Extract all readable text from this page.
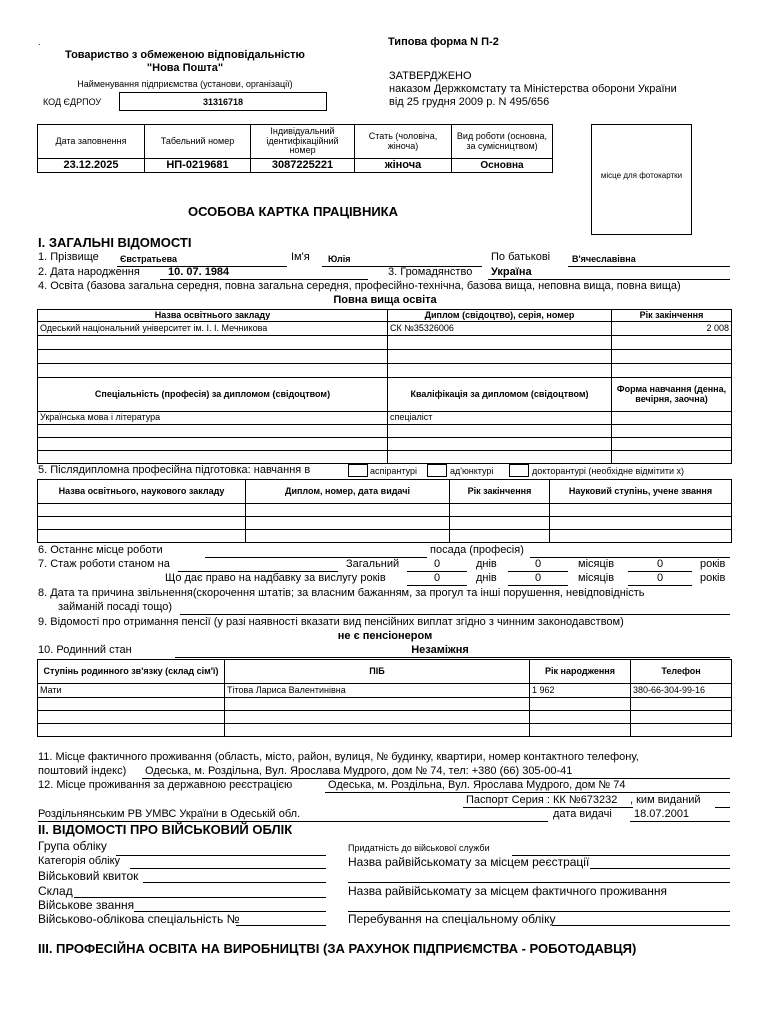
.
Товариство з обмеженою відповідальністю
"Нова Пошта"
Найменування підприємства (установи, організації)
КОД ЄДРПОУ	31316718
Типова форма N П-2
ЗАТВЕРДЖЕНО
наказом Держкомстату та Міністерства оборони України
від 25 грудня 2009 р. N 495/656
Дата заповнення	Табельний номер	Індивідуальний ідентифікаційний номер	Стать (чоловіча, жіноча)	Вид роботи (основна, за сумісництвом)
23.12.2025	НП-0219681	3087225221	жіноча	Основна
місце для фотокартки
ОСОБОВА КАРТКА ПРАЦІВНИКА
І. ЗАГАЛЬНІ ВІДОМОСТІ
1. Прізвище Євстратьева	Ім'я Юлія	По батькові В'ячеславівна
2. Дата народження	10. 07. 1984	3. Громадянство Україна
4. Освіта (базова загальна середня, повна загальна середня, професійно-технічна, базова вища, неповна вища, повна вища)
Повна вища освіта
Назва освітнього закладу	Диплом (свідоцтво), серія, номер	Рік закінчення
Одеський національний університет ім. І. І. Мечникова	СК №35326006	2 008

Спеціальність (професія) за дипломом (свідоцтвом)	Кваліфікація за дипломом (свідоцтвом)	Форма навчання (денна, вечірня, заочна)
Українська мова і література	спеціаліст	

5. Післядипломна професійна підготовка: навчання в	аспірантурі	ад'юнктурі	докторантурі (необхідне відмітити х)
Назва освітнього, наукового закладу	Диплом, номер, дата видачі	Рік закінчення	Науковий ступінь, учене звання

6. Останнє місце роботи	посада (професія)
7. Стаж роботи станом на	Загальний	0	днів	0	місяців	0	років
Що дає право на надбавку за вислугу років	0	днів	0	місяців	0	років
8. Дата та причина звільнення(скорочення штатів; за власним бажанням, за прогул та інші порушення, невідповідність
займаній посаді тощо)
9. Відомості про отримання пенсії (у разі наявності вказати вид пенсійних виплат згідно з чинним законодавством)
не є пенсіонером
10. Родинний стан	Незаміжня
Ступінь родинного зв'язку (склад сім'ї)	ПІБ	Рік народження	Телефон
Мати	Тітова Лариса Валентинівна	1 962	380-66-304-99-16

11. Місце фактичного проживання (область, місто, район, вулиця, № будинку, квартири, номер контактного телефону,
поштовий індекс) Одеська, м. Роздільна, Вул. Ярослава Мудрого, дом № 74, тел: +380 (66) 305-00-41
12. Місце проживання за державною реєстрацією	Одеська, м. Роздільна, Вул. Ярослава Мудрого, дом № 74
Паспорт Серия : КК №673232 , ким виданий
Роздільнянським РВ УМВС України в Одеській обл.	дата видачі 18.07.2001
ІІ. ВІДОМОСТІ ПРО ВІЙСЬКОВИЙ ОБЛІК
Група обліку	Придатність до військової служби
Категорія обліку	Назва райвійськомату за місцем реєстрації
Військовий квиток
Склад	Назва райвійськомату за місцем фактичного проживання
Військове звання
Військово-облікова спеціальність №	Перебування на спеціальному обліку
ІІІ. ПРОФЕСІЙНА ОСВІТА НА ВИРОБНИЦТВІ (ЗА РАХУНОК ПІДПРИЄМСТВА - РОБОТОДАВЦЯ)
